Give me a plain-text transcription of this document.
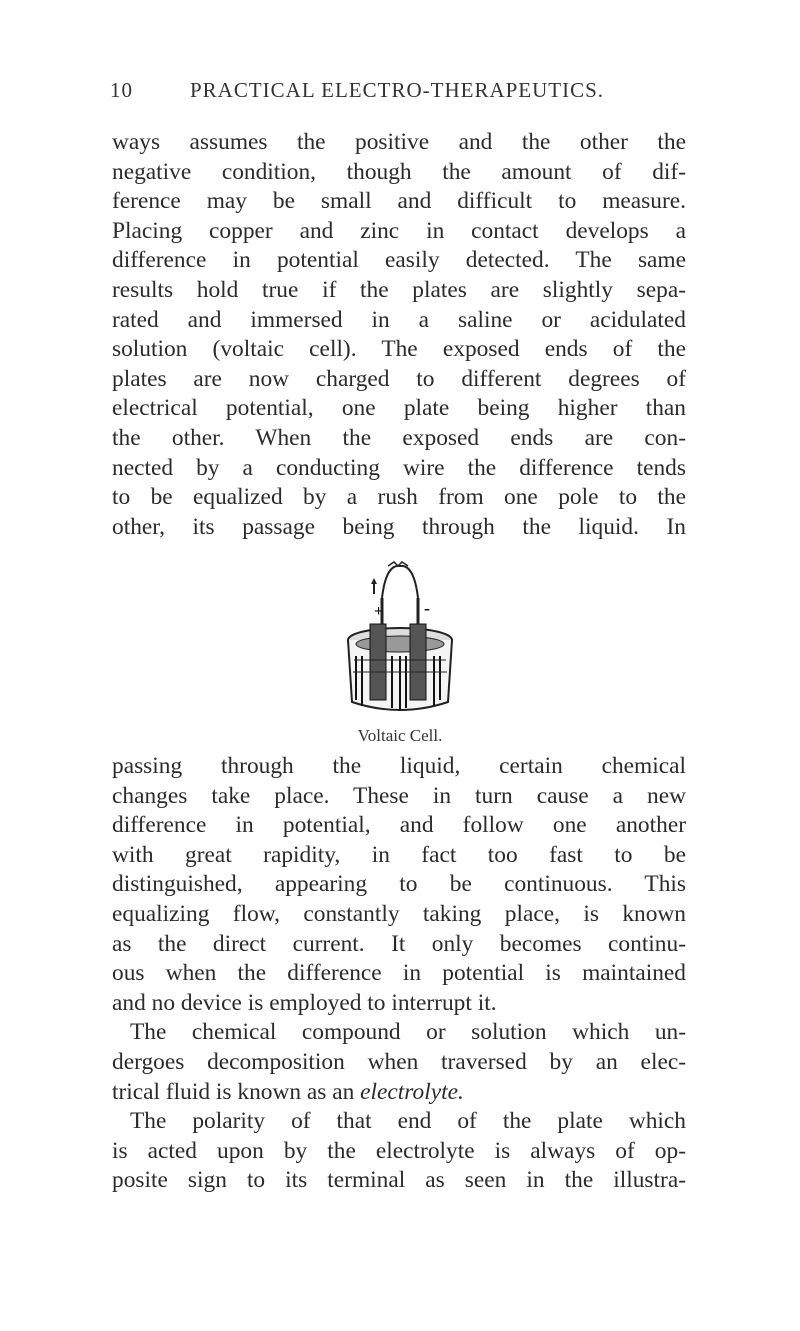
10	PRACTICAL ELECTRO-THERAPEUTICS.
ways assumes the positive and the other the
negative condition, though the amount of dif-
ference may be small and difficult to measure.
Placing copper and zinc in contact develops a
difference in potential easily detected. The same
results hold true if the plates are slightly sepa-
rated and immersed in a saline or acidulated
solution (voltaic cell). The exposed ends of the
plates are now charged to different degrees of
electrical potential, one plate being higher than
the other. When the exposed ends are con-
nected by a conducting wire the difference tends
to be equalized by a rush from one pole to the
other, its passage being through the liquid. In
+ -
Voltaic Cell.
passing through the liquid, certain chemical
changes take place. These in turn cause a new
difference in potential, and follow one another
with great rapidity, in fact too fast to be
distinguished, appearing to be continuous. This
equalizing flow, constantly taking place, is known
as the direct current. It only becomes continu-
ous when the difference in potential is maintained
and no device is employed to interrupt it.
The chemical compound or solution which un-
dergoes decomposition when traversed by an elec-
trical fluid is known as an electrolyte.
The polarity of that end of the plate which
is acted upon by the electrolyte is always of op-
posite sign to its terminal as seen in the illustra-
